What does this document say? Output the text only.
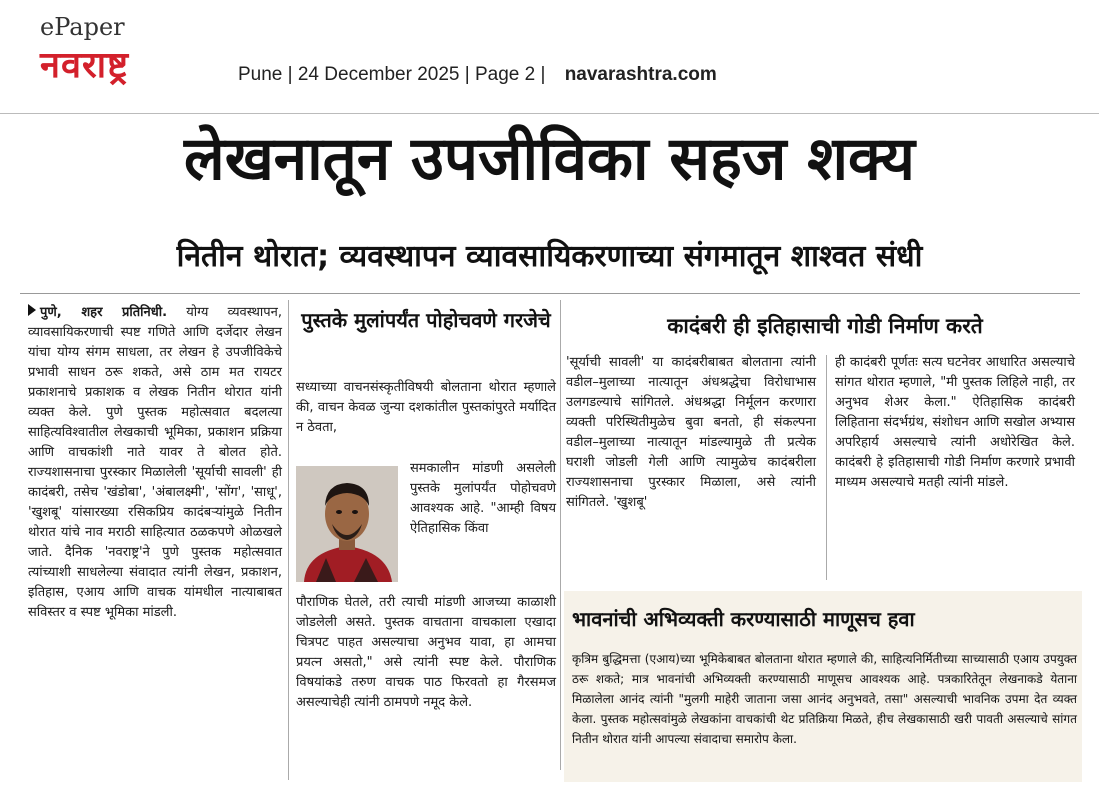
ePaper
नवराष्ट्र	Pune | 24 December 2025 | Page 2 | navarashtra.com
लेखनातून उपजीविका सहज शक्य
नितीन थोरात; व्यवस्थापन व्यावसायिकरणाच्या संगमातून शाश्वत संधी
पुणे, शहर प्रतिनिधी. योग्य व्यवस्थापन, व्यावसायिकरणाची स्पष्ट गणिते आणि दर्जेदार लेखन यांचा योग्य संगम साधला, तर लेखन हे उपजीविकेचे प्रभावी साधन ठरू शकते, असे ठाम मत रायटर प्रकाशनाचे प्रकाशक व लेखक नितीन थोरात यांनी व्यक्त केले. पुणे पुस्तक महोत्सवात बदलत्या साहित्यविश्वातील लेखकाची भूमिका, प्रकाशन प्रक्रिया आणि वाचकांशी नाते यावर ते बोलत होते. राज्यशासनाचा पुरस्कार मिळालेली 'सूर्याची सावली' ही कादंबरी, तसेच 'खंडोबा', 'अंबालक्ष्मी', 'सोंग', 'साधू', 'खुशबू' यांसारख्या रसिकप्रिय कादंबऱ्यांमुळे नितीन थोरात यांचे नाव मराठी साहित्यात ठळकपणे ओळखले जाते. दैनिक 'नवराष्ट्र'ने पुणे पुस्तक महोत्सवात त्यांच्याशी साधलेल्या संवादात त्यांनी लेखन, प्रकाशन, इतिहास, एआय आणि वाचक यांमधील नात्याबाबत सविस्तर व स्पष्ट भूमिका मांडली.
पुस्तके मुलांपर्यंत पोहोचवणे गरजेचे
सध्याच्या वाचनसंस्कृतीविषयी बोलताना थोरात म्हणाले की, वाचन केवळ जुन्या दशकांतील पुस्तकांपुरते मर्यादित न ठेवता,
समकालीन मांडणी असलेली पुस्तके मुलांपर्यंत पोहोचवणे आवश्यक आहे. "आम्ही विषय ऐतिहासिक किंवा
पौराणिक घेतले, तरी त्याची मांडणी आजच्या काळाशी जोडलेली असते. पुस्तक वाचताना वाचकाला एखादा चित्रपट पाहत असल्याचा अनुभव यावा, हा आमचा प्रयत्न असतो," असे त्यांनी स्पष्ट केले. पौराणिक विषयांकडे तरुण वाचक पाठ फिरवतो हा गैरसमज असल्याचेही त्यांनी ठामपणे नमूद केले.
कादंबरी ही इतिहासाची गोडी निर्माण करते
'सूर्याची सावली' या कादंबरीबाबत बोलताना त्यांनी वडील–मुलाच्या नात्यातून अंधश्रद्धेचा विरोधाभास उलगडल्याचे सांगितले. अंधश्रद्धा निर्मूलन करणारा व्यक्ती परिस्थितीमुळेच बुवा बनतो, ही संकल्पना वडील–मुलाच्या नात्यातून मांडल्यामुळे ती प्रत्येक घराशी जोडली गेली आणि त्यामुळेच कादंबरीला राज्यशासनाचा पुरस्कार मिळाला, असे त्यांनी सांगितले. 'खुशबू'
ही कादंबरी पूर्णतः सत्य घटनेवर आधारित असल्याचे सांगत थोरात म्हणाले, "मी पुस्तक लिहिले नाही, तर अनुभव शेअर केला." ऐतिहासिक कादंबरी लिहिताना संदर्भग्रंथ, संशोधन आणि सखोल अभ्यास अपरिहार्य असल्याचे त्यांनी अधोरेखित केले. कादंबरी हे इतिहासाची गोडी निर्माण करणारे प्रभावी माध्यम असल्याचे मतही त्यांनी मांडले.
भावनांची अभिव्यक्ती करण्यासाठी माणूसच हवा
कृत्रिम बुद्धिमत्ता (एआय)च्या भूमिकेबाबत बोलताना थोरात म्हणाले की, साहित्यनिर्मितीच्या साच्यासाठी एआय उपयुक्त ठरू शकते; मात्र भावनांची अभिव्यक्ती करण्यासाठी माणूसच आवश्यक आहे. पत्रकारितेतून लेखनाकडे येताना मिळालेला आनंद त्यांनी "मुलगी माहेरी जाताना जसा आनंद अनुभवते, तसा" असल्याची भावनिक उपमा देत व्यक्त केला. पुस्तक महोत्सवांमुळे लेखकांना वाचकांची थेट प्रतिक्रिया मिळते, हीच लेखकासाठी खरी पावती असल्याचे सांगत नितीन थोरात यांनी आपल्या संवादाचा समारोप केला.
